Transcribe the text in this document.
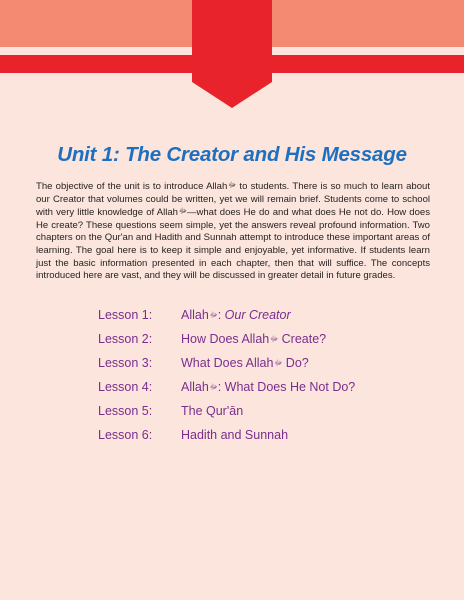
Unit 1: The Creator and His Message

The objective of the unit is to introduce Allah$^ﷻ$ to students. There is so much to learn about our Creator that volumes could be written, yet we will remain brief. Students come to school with very little knowledge of Allah$^ﷻ$—what does He do and what does He not do. How does He create? These questions seem simple, yet the answers reveal profound information. Two chapters on the Qur'an and Hadith and Sunnah attempt to introduce these important areas of learning. The goal here is to keep it simple and enjoyable, yet informative. If students learn just the basic information presented in each chapter, then that will suffice. The concepts introduced here are vast, and they will be discussed in greater detail in future grades.

Lesson 1:	Allahﷻ: Our Creator
Lesson 2:	How Does Allahﷻ Create?
Lesson 3:	What Does Allahﷻ Do?
Lesson 4:	Allahﷻ: What Does He Not Do?
Lesson 5:	The Qur'ān
Lesson 6:	Hadith and Sunnah
